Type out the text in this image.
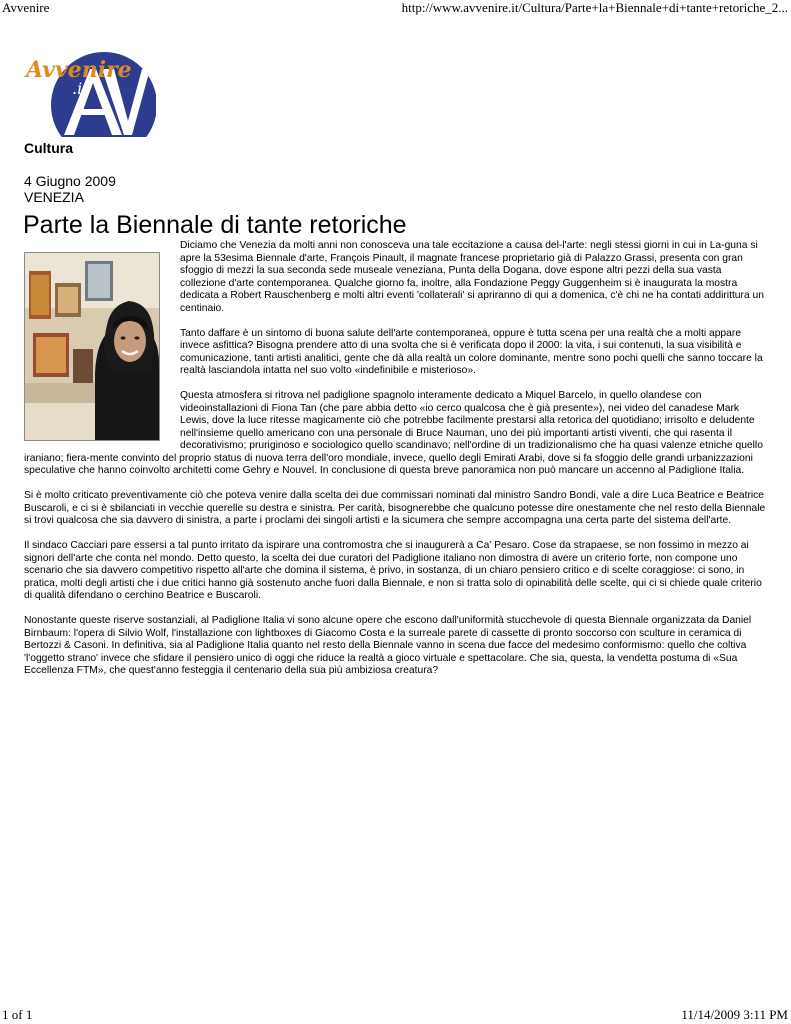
Avvenire	http://www.avvenire.it/Cultura/Parte+la+Biennale+di+tante+retoriche_2...
Avvenire
.it
Cultura
4 Giugno 2009
VENEZIA
Parte la Biennale di tante retoriche

Diciamo che Venezia da molti anni non conosceva una tale eccitazione a causa del-l'arte: negli stessi giorni in cui in La-guna si apre la 53esima Biennale d'arte, François Pinault, il magnate francese proprietario già di Palazzo Grassi, presenta con gran sfoggio di mezzi la sua seconda sede museale veneziana, Punta della Dogana, dove espone altri pezzi della sua vasta collezione d'arte contemporanea. Qualche giorno fa, inoltre, alla Fondazione Peggy Guggenheim si è inaugurata la mostra dedicata a Robert Rauschenberg e molti altri eventi 'collaterali' si apriranno di qui a domenica, c'è chi ne ha contati addirittura un centinaio.

Tanto daffare è un sintomo di buona salute dell'arte contemporanea, oppure è tutta scena per una realtà che a molti appare invece asfittica? Bisogna prendere atto di una svolta che si è verificata dopo il 2000: la vita, i sui contenuti, la sua visibilità e comunicazione, tanti artisti analitici, gente che dà alla realtà un colore dominante, mentre sono pochi quelli che sanno toccare la realtà lasciandola intatta nel suo volto «indefinibile e misterioso».

Questa atmosfera si ritrova nel padiglione spagnolo interamente dedicato a Miquel Barcelo, in quello olandese con videoinstallazioni di Fiona Tan (che pare abbia detto «io cerco qualcosa che è già presente»), nei video del canadese Mark Lewis, dove la luce ritesse magicamente ciò che potrebbe facilmente prestarsi alla retorica del quotidiano; irrisolto e deludente nell'insieme quello americano con una personale di Bruce Nauman, uno dei più importanti artisti viventi, che qui rasenta il decorativismo; pruriginoso e sociologico quello scandinavo; nell'ordine di un tradizionalismo che ha quasi valenze etniche quello iraniano; fiera-mente convinto del proprio status di nuova terra dell'oro mondiale, invece, quello degli Emirati Arabi, dove si fa sfoggio delle grandi urbanizzazioni speculative che hanno coinvolto architetti come Gehry e Nouvel. In conclusione di questa breve panoramica non può mancare un accenno al Padiglione Italia.

Si è molto criticato preventivamente ciò che poteva venire dalla scelta dei due commissari nominati dal ministro Sandro Bondi, vale a dire Luca Beatrice e Beatrice Buscaroli, e ci si è sbilanciati in vecchie querelle su destra e sinistra. Per carità, bisognerebbe che qualcuno potesse dire onestamente che nel resto della Biennale si trovi qualcosa che sia davvero di sinistra, a parte i proclami dei singoli artisti e la sicumera che sempre accompagna una certa parte del sistema dell'arte.

Il sindaco Cacciari pare essersi a tal punto irritato da ispirare una contromostra che si inaugurerà a Ca' Pesaro. Cose da strapaese, se non fossimo in mezzo ai signori dell'arte che conta nel mondo. Detto questo, la scelta dei due curatori del Padiglione italiano non dimostra di avere un criterio forte, non compone uno scenario che sia davvero competitivo rispetto all'arte che domina il sistema, è privo, in sostanza, di un chiaro pensiero critico e di scelte coraggiose: ci sono, in pratica, molti degli artisti che i due critici hanno già sostenuto anche fuori dalla Biennale, e non si tratta solo di opinabilità delle scelte, qui ci si chiede quale criterio di qualità difendano o cerchino Beatrice e Buscaroli.

Nonostante queste riserve sostanziali, al Padiglione Italia vi sono alcune opere che escono dall'uniformità stucchevole di questa Biennale organizzata da Daniel Birnbaum: l'opera di Silvio Wolf, l'installazione con lightboxes di Giacomo Costa e la surreale parete di cassette di pronto soccorso con sculture in ceramica di Bertozzi & Casoni. In definitiva, sia al Padiglione Italia quanto nel resto della Biennale vanno in scena due facce del medesimo conformismo: quello che coltiva 'l'oggetto strano' invece che sfidare il pensiero unico di oggi che riduce la realtà a gioco virtuale e spettacolare. Che sia, questa, la vendetta postuma di «Sua Eccellenza FTM», che quest'anno festeggia il centenario della sua più ambiziosa creatura?

1 of 1	11/14/2009 3:11 PM
